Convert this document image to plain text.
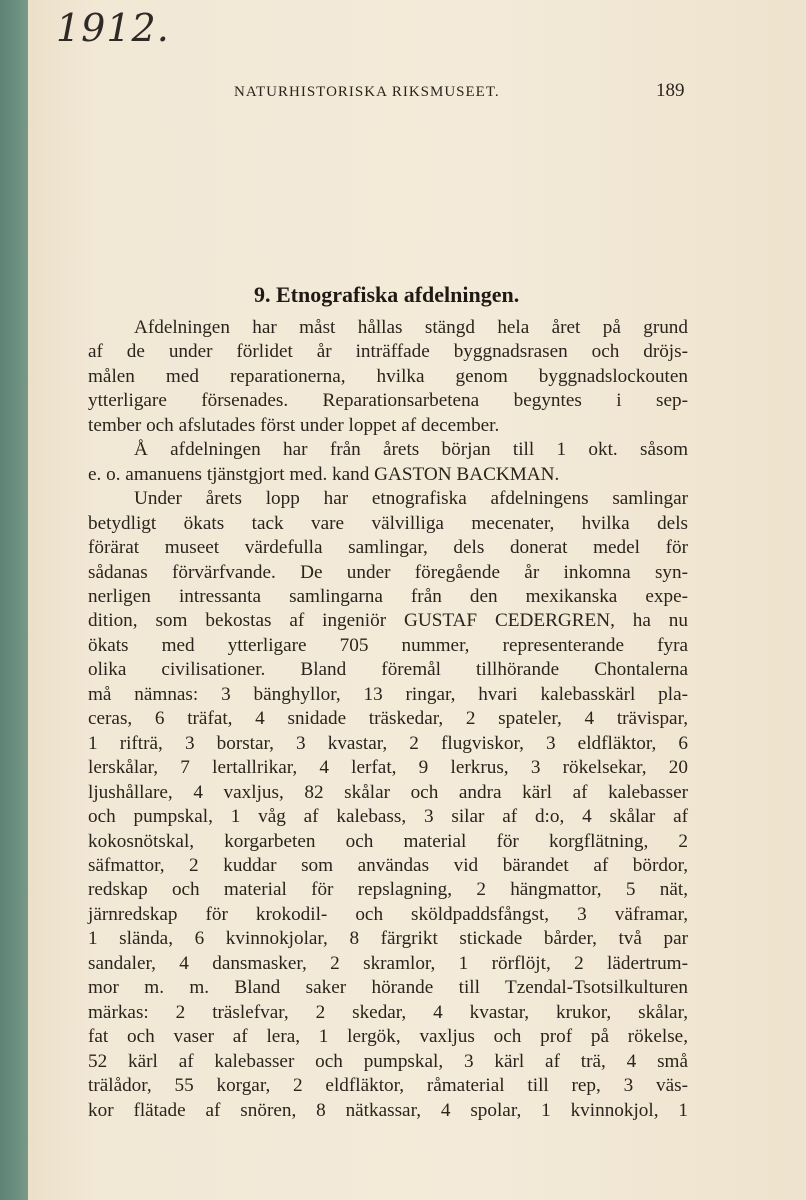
1912.
NATURHISTORISKA RIKSMUSEET.	189
9. Etnografiska afdelningen.
Afdelningen har måst hållas stängd hela året på grund
af de under förlidet år inträffade byggnadsrasen och dröjs-
målen med reparationerna, hvilka genom byggnadslockouten
ytterligare försenades. Reparationsarbetena begyntes i sep-
tember och afslutades först under loppet af december.
Å afdelningen har från årets början till 1 okt. såsom
e. o. amanuens tjänstgjort med. kand GASTON BACKMAN.
Under årets lopp har etnografiska afdelningens samlingar
betydligt ökats tack vare välvilliga mecenater, hvilka dels
förärat museet värdefulla samlingar, dels donerat medel för
sådanas förvärfvande. De under föregående år inkomna syn-
nerligen intressanta samlingarna från den mexikanska expe-
dition, som bekostas af ingeniör GUSTAF CEDERGREN, ha nu
ökats med ytterligare 705 nummer, representerande fyra
olika civilisationer. Bland föremål tillhörande Chontalerna
må nämnas: 3 bänghyllor, 13 ringar, hvari kalebasskärl pla-
ceras, 6 träfat, 4 snidade träskedar, 2 spateler, 4 trävispar,
1 rifträ, 3 borstar, 3 kvastar, 2 flugviskor, 3 eldfläktor, 6
lerskålar, 7 lertallrikar, 4 lerfat, 9 lerkrus, 3 rökelsekar, 20
ljushållare, 4 vaxljus, 82 skålar och andra kärl af kalebasser
och pumpskal, 1 våg af kalebass, 3 silar af d:o, 4 skålar af
kokosnötskal, korgarbeten och material för korgflätning, 2
säfmattor, 2 kuddar som användas vid bärandet af bördor,
redskap och material för repslagning, 2 hängmattor, 5 nät,
järnredskap för krokodil- och sköldpaddsfångst, 3 väframar,
1 slända, 6 kvinnokjolar, 8 färgrikt stickade bårder, två par
sandaler, 4 dansmasker, 2 skramlor, 1 rörflöjt, 2 lädertrum-
mor m. m. Bland saker hörande till Tzendal-Tsotsilkulturen
märkas: 2 träslefvar, 2 skedar, 4 kvastar, krukor, skålar,
fat och vaser af lera, 1 lergök, vaxljus och prof på rökelse,
52 kärl af kalebasser och pumpskal, 3 kärl af trä, 4 små
trälådor, 55 korgar, 2 eldfläktor, råmaterial till rep, 3 väs-
kor flätade af snören, 8 nätkassar, 4 spolar, 1 kvinnokjol, 1
